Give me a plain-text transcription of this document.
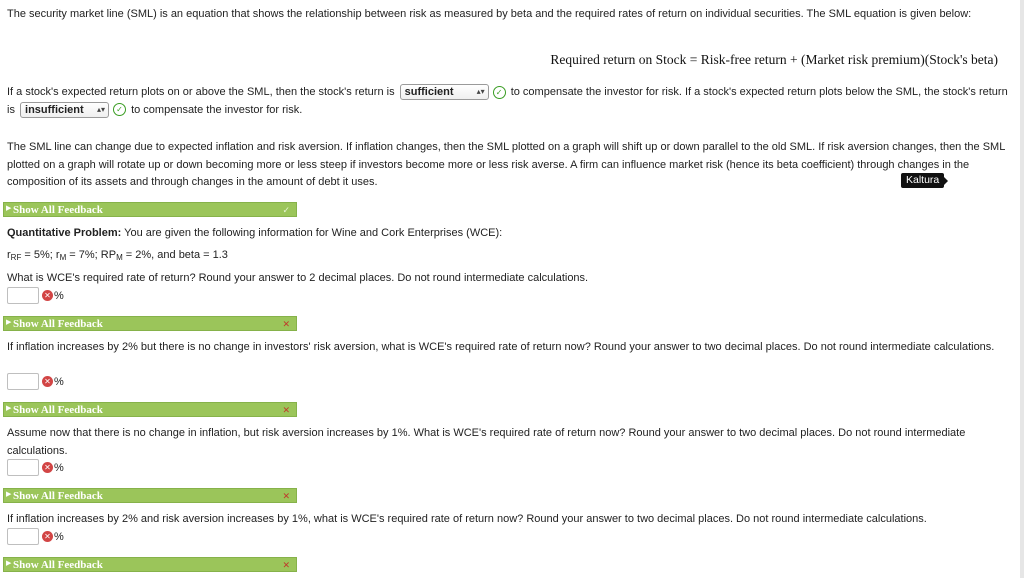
The security market line (SML) is an equation that shows the relationship between risk as measured by beta and the required rates of return on individual securities. The SML equation is given below:
Required return on Stock = Risk-free return + (Market risk premium)(Stock's beta)
If a stock's expected return plots on or above the SML, then the stock's return is sufficient	▴▾ ✓ to compensate the investor for risk. If a stock's expected return plots below the SML, the stock's return is insufficient ▴▾ ✓ to compensate the investor for risk.
The SML line can change due to expected inflation and risk aversion. If inflation changes, then the SML plotted on a graph will shift up or down parallel to the old SML. If risk aversion changes, then the SML plotted on a graph will rotate up or down becoming more or less steep if investors become more or less risk averse. A firm can influence market risk (hence its beta coefficient) through changes in the composition of its assets and through changes in the amount of debt it uses.	Kaltura
▶ Show All Feedback	✓
Quantitative Problem: You are given the following information for Wine and Cork Enterprises (WCE):
$r_{RF} = 5\%$; $r_M = 7\%$; $RP_M = 2\%$, and beta = 1.3
What is WCE's required rate of return? Round your answer to 2 decimal places. Do not round intermediate calculations.
✕ %
▶ Show All Feedback	✕
If inflation increases by 2% but there is no change in investors' risk aversion, what is WCE's required rate of return now? Round your answer to two decimal places. Do not round intermediate calculations.
✕ %
▶ Show All Feedback	✕
Assume now that there is no change in inflation, but risk aversion increases by 1%. What is WCE's required rate of return now? Round your answer to two decimal places. Do not round intermediate calculations.
✕ %
▶ Show All Feedback	✕
If inflation increases by 2% and risk aversion increases by 1%, what is WCE's required rate of return now? Round your answer to two decimal places. Do not round intermediate calculations.
✕ %
▶ Show All Feedback	✕
